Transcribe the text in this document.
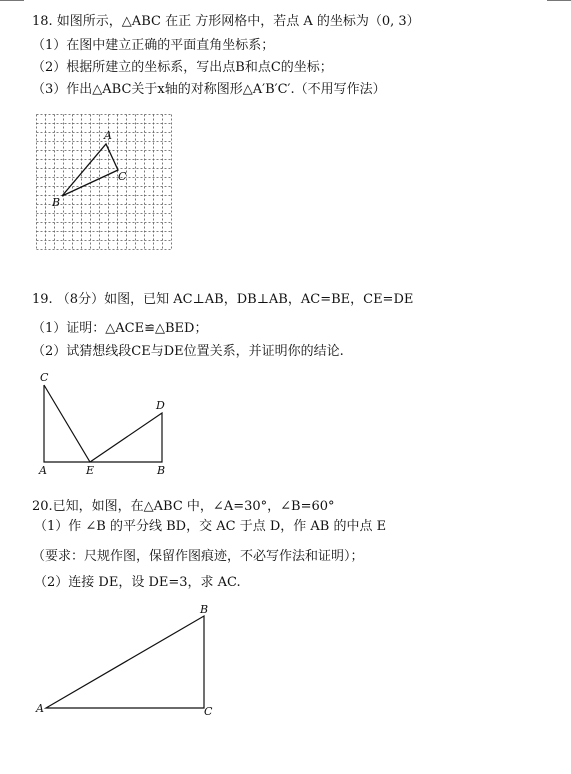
18. 如图所示，△ABC 在正 方形网格中，若点 A 的坐标为（0, 3）
（1）在图中建立正确的平面直角坐标系；
（2）根据所建立的坐标系，写出点B和点C的坐标；
（3）作出△ABC关于x轴的对称图形△A′B′C′.（不用写作法）
A
C
B
19. （8分）如图，已知 AC⊥AB，DB⊥AB，AC=BE，CE=DE
（1）证明：△ACE≌△BED；
（2）试猜想线段CE与DE位置关系，并证明你的结论.
C
D
A	E	B
20.已知，如图，在△ABC 中，∠A=30°，∠B=60°
（1）作 ∠B 的平分线 BD，交 AC 于点 D，作 AB 的中点 E
（要求：尺规作图，保留作图痕迹，不必写作法和证明）；
（2）连接 DE，设 DE=3，求 AC.
B
A	C
